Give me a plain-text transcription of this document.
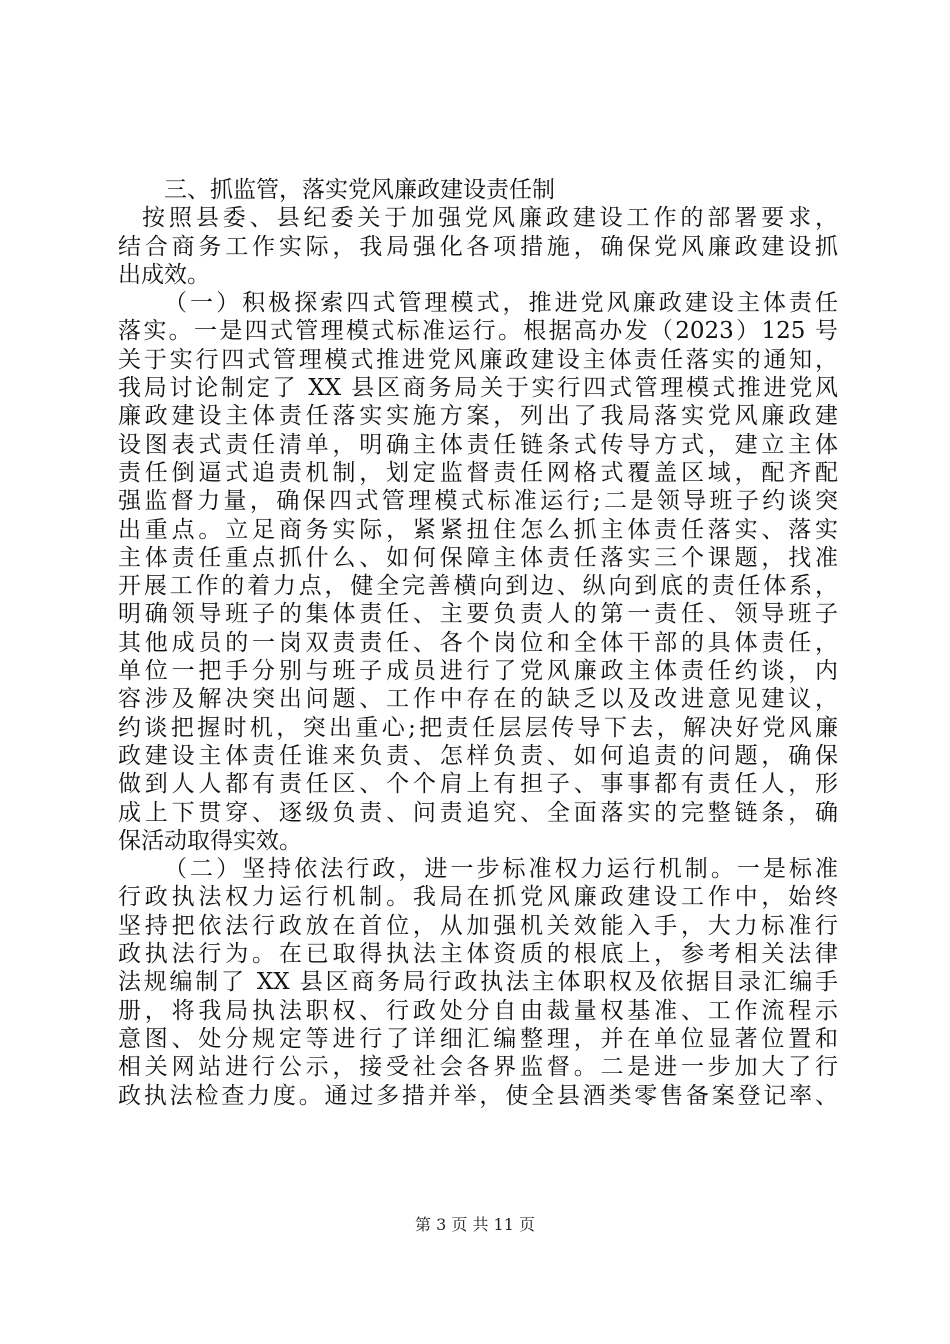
三、抓监管，落实党风廉政建设责任制
按照县委、县纪委关于加强党风廉政建设工作的部署要求，
结合商务工作实际，我局强化各项措施，确保党风廉政建设抓
出成效。
（一）积极探索四式管理模式，推进党风廉政建设主体责任
落实。一是四式管理模式标准运行。根据高办发（2023）125 号
关于实行四式管理模式推进党风廉政建设主体责任落实的通知，
我局讨论制定了 XX 县区商务局关于实行四式管理模式推进党风
廉政建设主体责任落实实施方案，列出了我局落实党风廉政建
设图表式责任清单，明确主体责任链条式传导方式，建立主体
责任倒逼式追责机制，划定监督责任网格式覆盖区域，配齐配
强监督力量，确保四式管理模式标准运行;二是领导班子约谈突
出重点。立足商务实际，紧紧扭住怎么抓主体责任落实、落实
主体责任重点抓什么、如何保障主体责任落实三个课题，找准
开展工作的着力点，健全完善横向到边、纵向到底的责任体系，
明确领导班子的集体责任、主要负责人的第一责任、领导班子
其他成员的一岗双责责任、各个岗位和全体干部的具体责任，
单位一把手分别与班子成员进行了党风廉政主体责任约谈，内
容涉及解决突出问题、工作中存在的缺乏以及改进意见建议，
约谈把握时机，突出重心;把责任层层传导下去，解决好党风廉
政建设主体责任谁来负责、怎样负责、如何追责的问题，确保
做到人人都有责任区、个个肩上有担子、事事都有责任人，形
成上下贯穿、逐级负责、问责追究、全面落实的完整链条，确
保活动取得实效。
（二）坚持依法行政，进一步标准权力运行机制。一是标准
行政执法权力运行机制。我局在抓党风廉政建设工作中，始终
坚持把依法行政放在首位，从加强机关效能入手，大力标准行
政执法行为。在已取得执法主体资质的根底上，参考相关法律
法规编制了 XX 县区商务局行政执法主体职权及依据目录汇编手
册，将我局执法职权、行政处分自由裁量权基准、工作流程示
意图、处分规定等进行了详细汇编整理，并在单位显著位置和
相关网站进行公示，接受社会各界监督。二是进一步加大了行
政执法检查力度。通过多措并举，使全县酒类零售备案登记率、
第 3 页 共 11 页
